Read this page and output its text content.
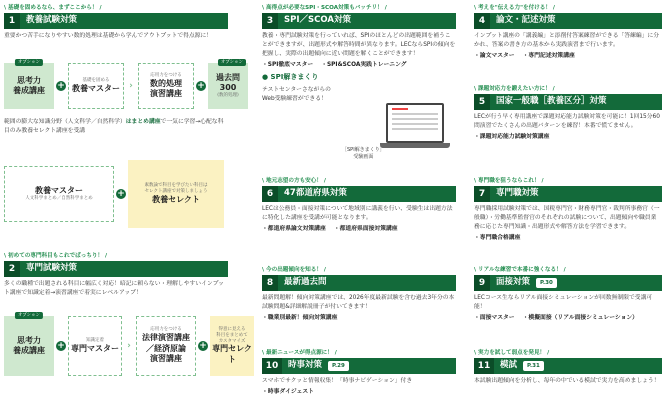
\ 基礎を固めるなら、まずここから！ /
1	教養試験対策
重要かつ苦手になりやすい数的処理は基礎から学んでアウトプットで得点源に！
オプション
思考力
養成講座 +
基礎を固める
教養マスター	›
応用力をつける
数的処理
演習講座
+
オプション
過去問300
(数的処理)
範囲の膨大な知識分野（人文科学／自然科学）はまとめ講座で一気に学習→心配な科目のみ教養セレクト講座を受講
教養マスター
人文科学まとめ／自然科学まとめ
+
素数論で科目を学びたい科目は
セレクト講座で対策しましょう
教養セレクト
\ 初めての専門科目もこれでばっちり！ /
2	専門試験対策
多くの職種で出題される科目に幅広く対応！暗記に頼らない・理解しやすいインプット講座で知識定着→演習講座で着実にレベルアップ！
オプション
思考力
養成講座 +
知識定着
専門マスター ›
応用力をつける
法律演習講座
／経済原論
演習講座
+
得意に見える
科目をまとめて
カスタマイズ
専門セレクト
\ 高得点が必要なSPI・SCOA対策もバッチリ！ /
3	SPI／SCOA対策
教養・専門試験対策を行っていれば、SPIのほとんどの出題範囲を補うことができますが、出題形式や解答時間が異なります。LECならSPIの傾向を把握し、実際の出題傾向に近い問題を解くことができます！
・SPI徹底マスター ・SPI&SCOA実践トレーニング
● SPI解きまくり
テストセンターさながらの
Web受験練習ができる！
［SPI解きまくり］
受験画面
\ 地元志望の方も安心！ /
6	47都道府県対策
LECは公務員・面接対策について地域別に講義を行い、受験生は出題方法に特化した講座を受講が可能となります。
・都道府県論文対策講座 ・都道府県面接対策講座
\ 今の出題傾向を知る！ /
8	最新過去問
最新問題解！傾向対策講座では、2026年度最新試験を含む過去3年分の本試験問題&詳細解説冊子が付いてきます！
・職業別最新！傾向対策講座
\ 最新ニュースが得点源に！ /
10	時事対策	P.29
スマホでサクッと情報収集！「時事ナビゲーション」付き
・時事ダイジェスト
\ 考えを"伝える力"を付ける！ /
4	論文・記述対策
インプット講座の「講義編」と添削付答案練習ができる「答練編」に分かれ、答案の書き方の基本から実践演習まで行います。
・論文マスター ・専門記述対策講座
\ 課題対応力を鍛えたい方に！ /
5	国家一般職［教養区分］対策
LECが行う早く専用講座で課題対応能力試験対策を可能に！1回15分60問演習でたくさんの出題パターンを練習！本番で慌てません。
・課題対応能力試験対策講座
\ 専門職を狙うならこれ！ /
7	専門職対策
専門職採用試験対策では、国税専門官・財務専門官・裁判所事務官（一般職）・労働基準監督官のそれぞれの試験について、出題傾向や職員業務に応じた専門知識・出題形式や解答方法を学習できます。
・専門職合格講座
\ リアルな練習で本番に強くなる！ /
9	面接対策	P.30
LECコース生ならリアル面接シミュレーションが回数無制限で受講可能！
・面接マスター ・模擬面接（リアル面接シミュレーション）
\ 実力を試して弱点を発見！ /
11	模試	P.31
本試験出題傾向を分析し、毎年の中でいる模試で実力を高めましょう！
